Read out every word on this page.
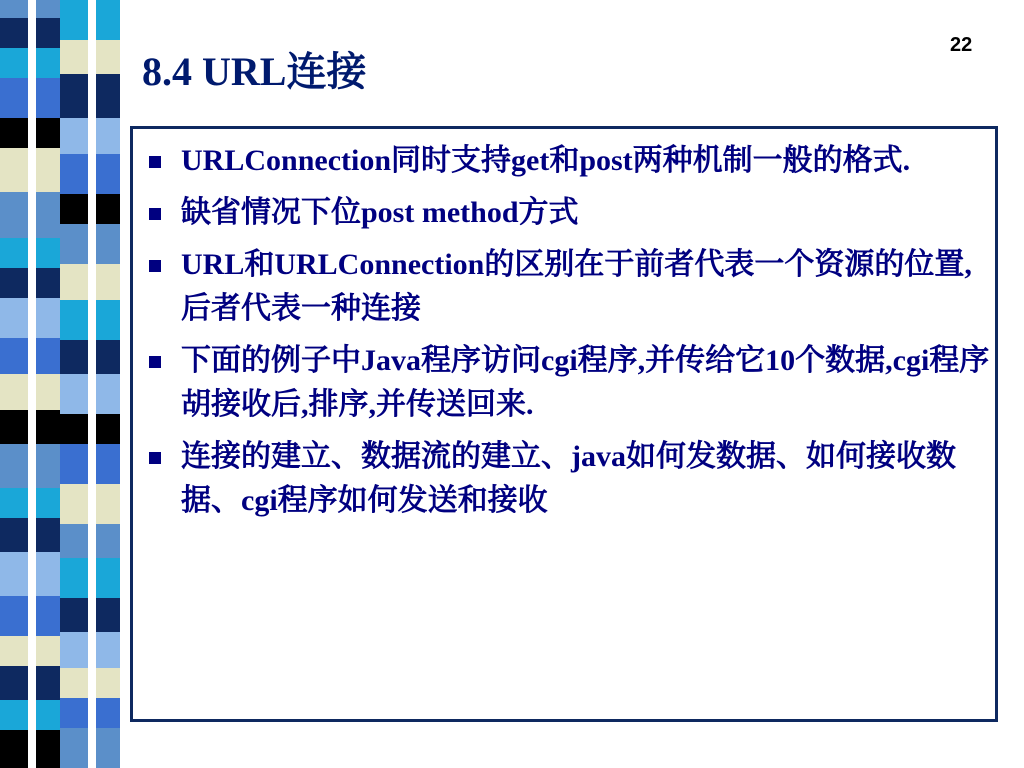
8.4 URL连接
22
URLConnection同时支持get和post两种机制一般的格式.
缺省情况下位post method方式
URL和URLConnection的区别在于前者代表一个资源的位置,后者代表一种连接
下面的例子中Java程序访问cgi程序,并传给它10个数据,cgi程序胡接收后,排序,并传送回来.
连接的建立、数据流的建立、java如何发数据、如何接收数据、cgi程序如何发送和接收
